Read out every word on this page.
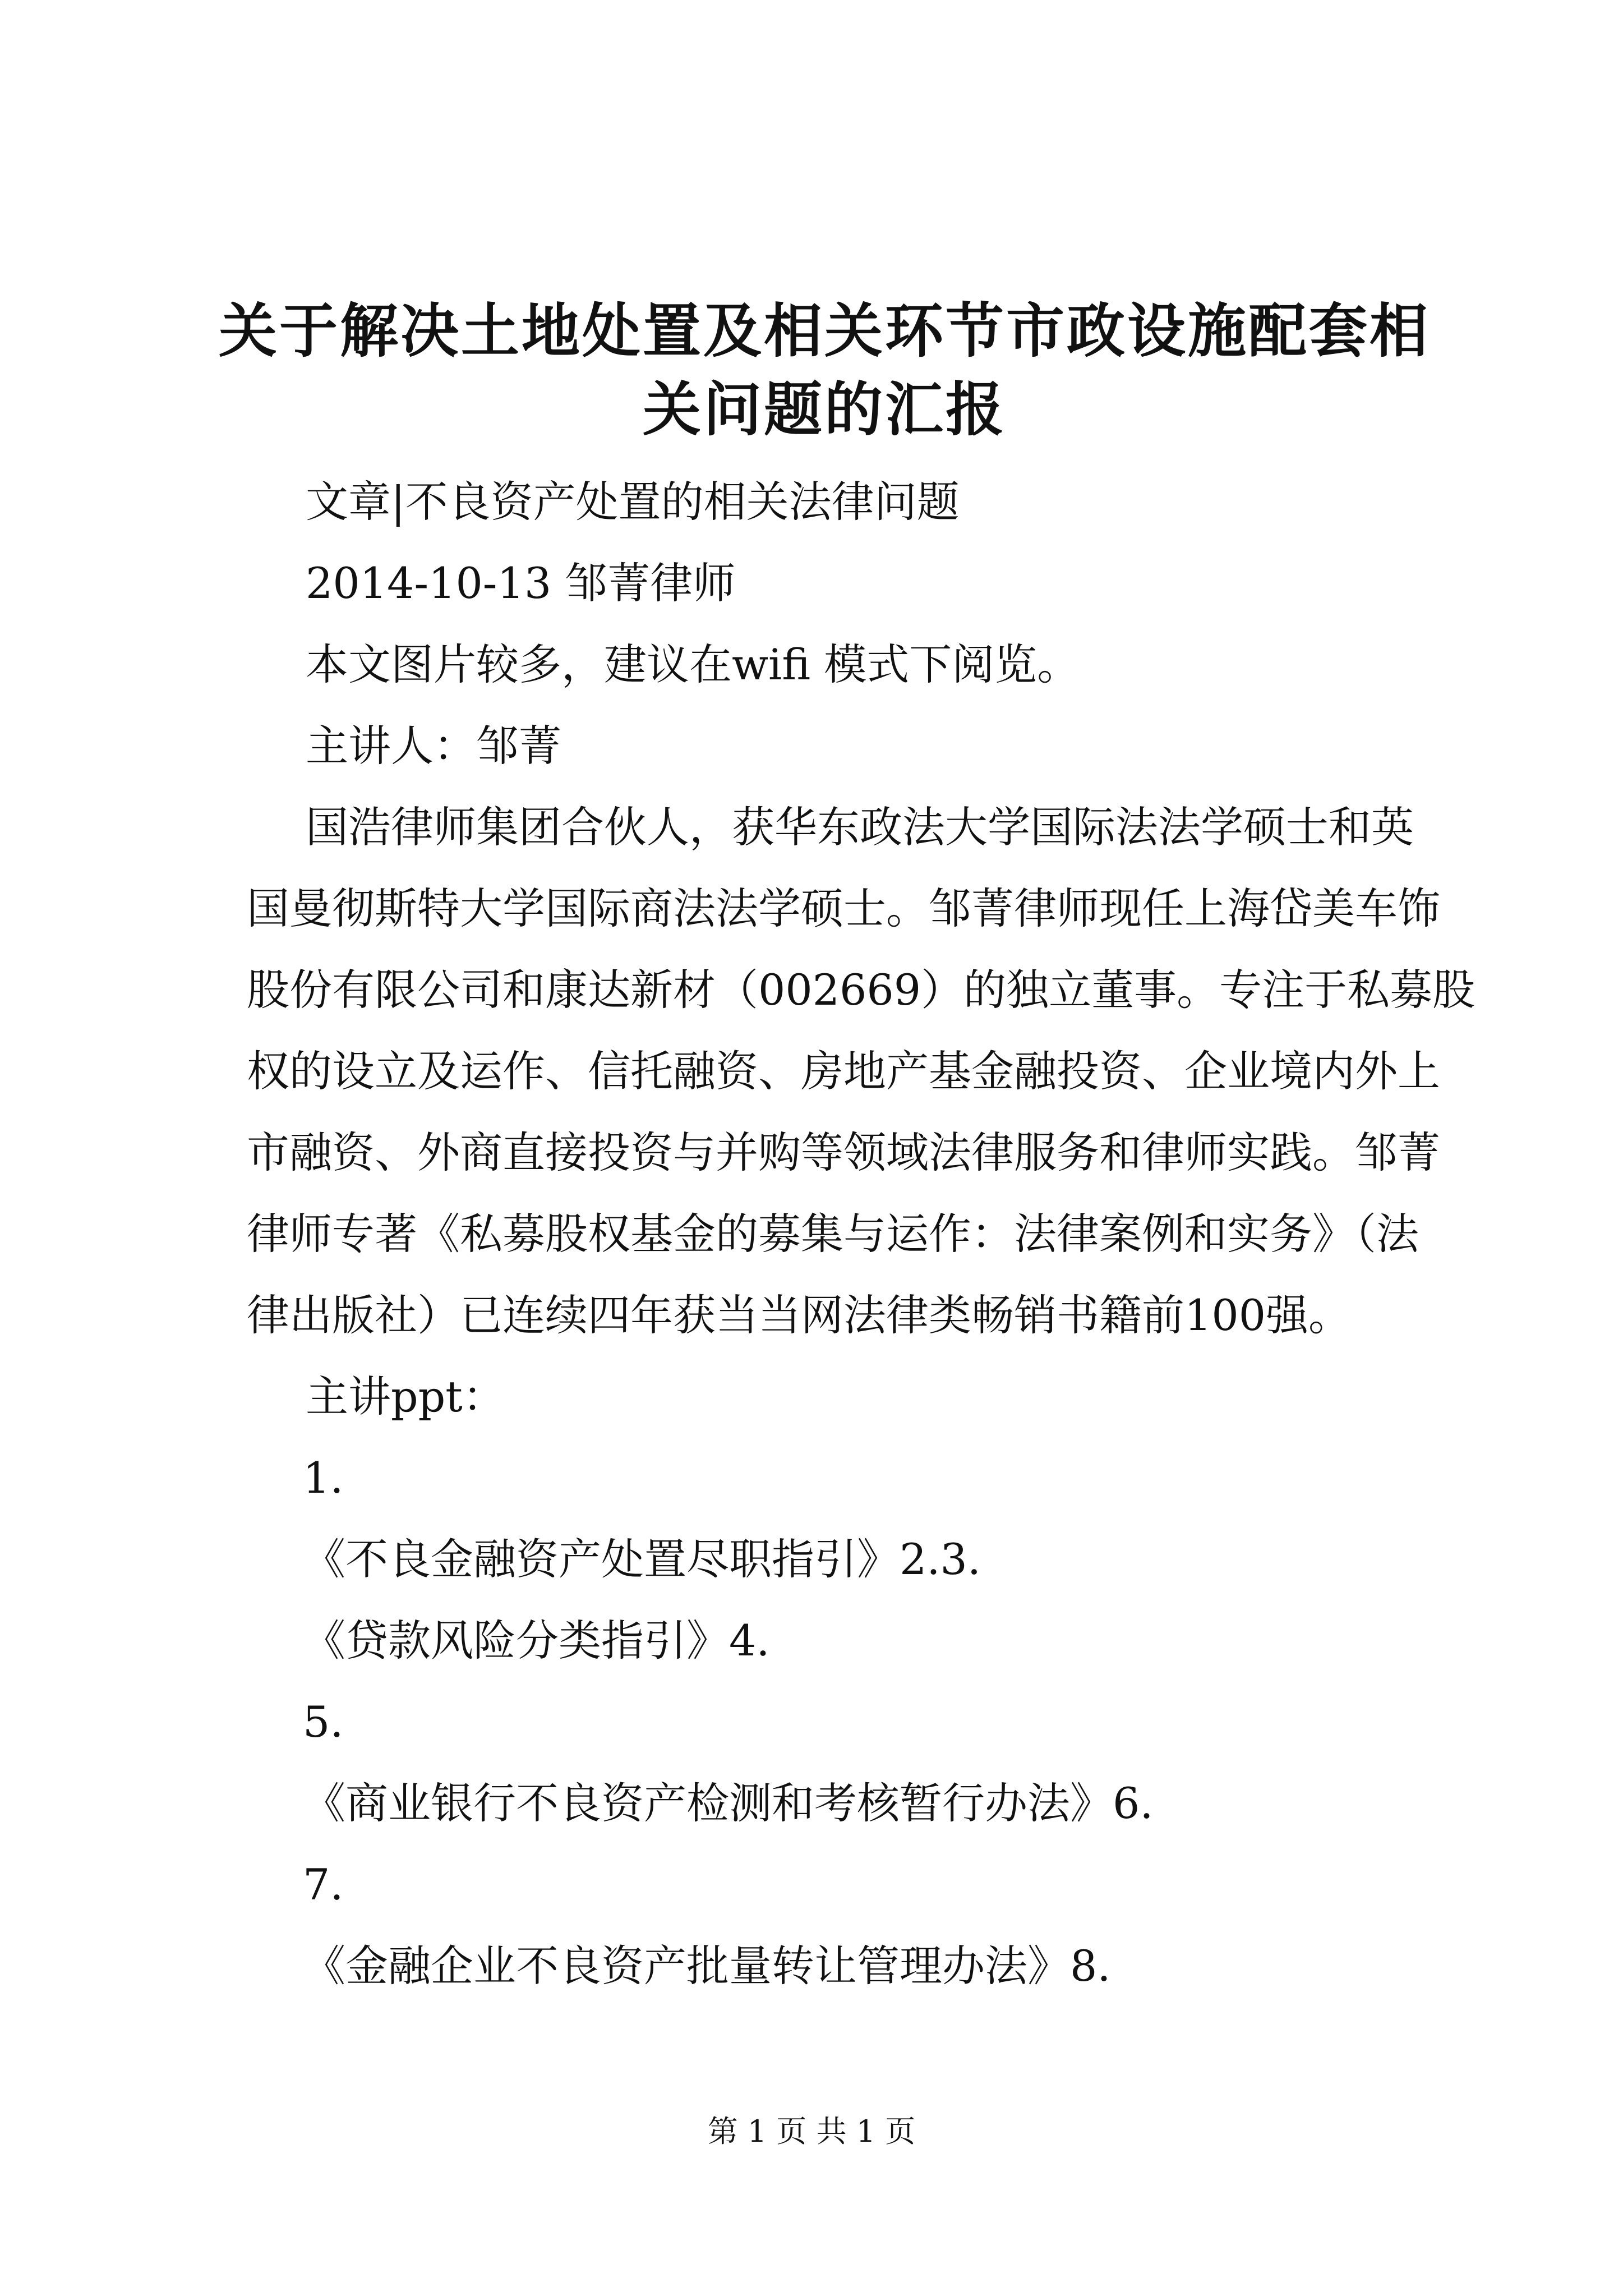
关于解决土地处置及相关环节市政设施配套相
关问题的汇报

文章|不良资产处置的相关法律问题

2014-10-13 邹菁律师

本文图片较多，建议在wifi 模式下阅览。

主讲人：邹菁

国浩律师集团合伙人，获华东政法大学国际法法学硕士和英

国曼彻斯特大学国际商法法学硕士。邹菁律师现任上海岱美车饰

股份有限公司和康达新材（002669）的独立董事。专注于私募股

权的设立及运作、信托融资、房地产基金融投资、企业境内外上

市融资、外商直接投资与并购等领域法律服务和律师实践。邹菁

律师专著《私募股权基金的募集与运作：法律案例和实务》（法

律出版社）已连续四年获当当网法律类畅销书籍前100强。

主讲ppt：

1.

《不良金融资产处置尽职指引》2.3.

《贷款风险分类指引》4.

5.

《商业银行不良资产检测和考核暂行办法》6.

7.

《金融企业不良资产批量转让管理办法》8.

第 1 页 共 1 页
